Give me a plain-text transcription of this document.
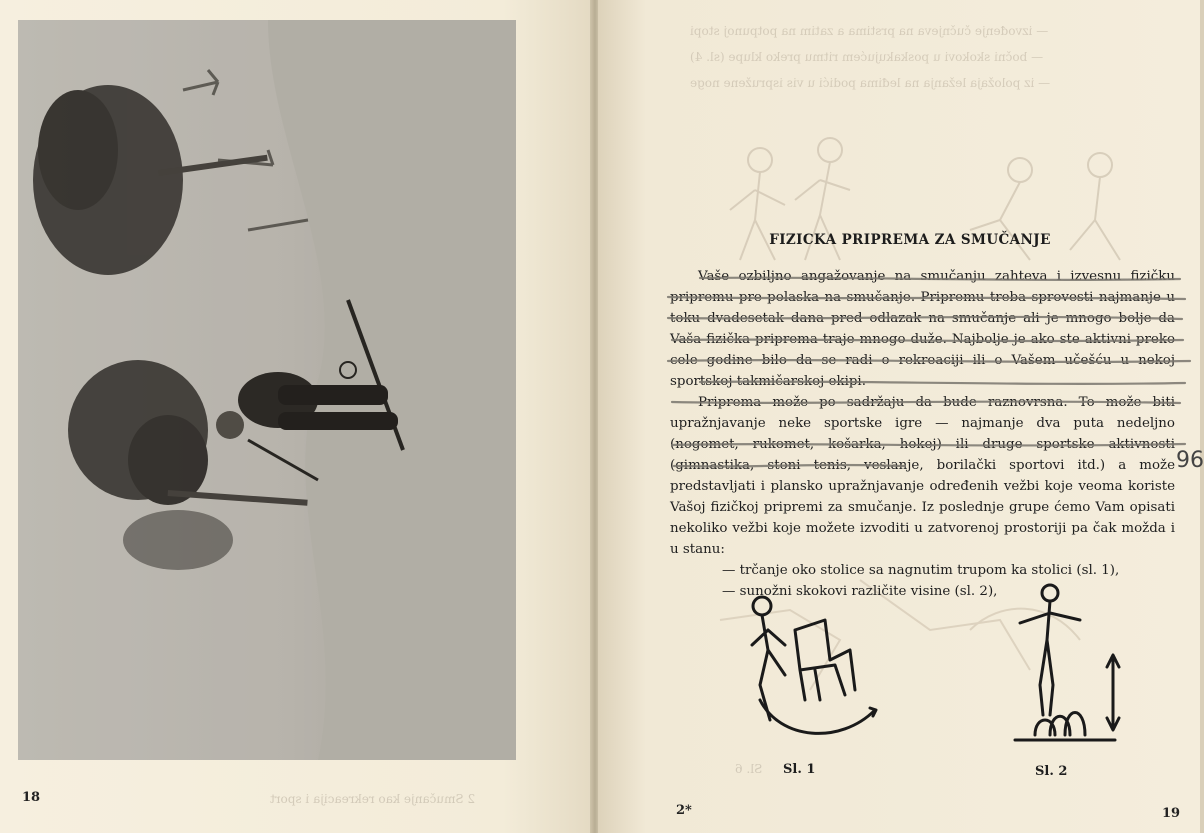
18	2 Smučanje kao rekreacija i sport
— izvođenje čučnjeva na prstima a zatim na potpunoj stopi
— bočni skokovi u poskakujućem ritmu preko klupe (sl. 4)
— iz položaja ležanja na leđima podići u vis ispružene noge
FIZICKA PRIPREMA ZA SMUČANJE

Vaše ozbiljno angažovanje na smučanju zahteva i izvesnu fizičku pripremu pre polaska na smučanje. Pripremu treba sprovesti najmanje u toku dvadesetak dana pred odlazak na smučanje ali je mnogo bolje da Vaša fizička priprema traje mnogo duže. Najbolje je ako ste aktivni preko cele godine bilo da se radi o rekreaciji ili o Vašem učešću u nekoj sportskoj takmičarskoj ekipi.

Priprema može po sadržaju da bude raznovrsna. To može biti upražnjavanje neke sportske igre — najmanje dva puta nedeljno (nogomet, rukomet, košarka, hokej) ili druge sportske aktivnosti (gimnastika, stoni tenis, veslanje, borilački sportovi itd.) a može predstavljati i plansko upražnjavanje određenih vežbi koje veoma koriste Vašoj fizičkoj pripremi za smučanje. Iz poslednje grupe ćemo Vam opisati nekoliko vežbi koje možete izvoditi u zatvorenoj prostoriji pa čak možda i u stanu:

— trčanje oko stolice sa nagnutim trupom ka stolici (sl. 1),
— sunožni skokovi različite visine (sl. 2),
96
Sl. 1
Sl. 6	Sl. 2
2*	19
